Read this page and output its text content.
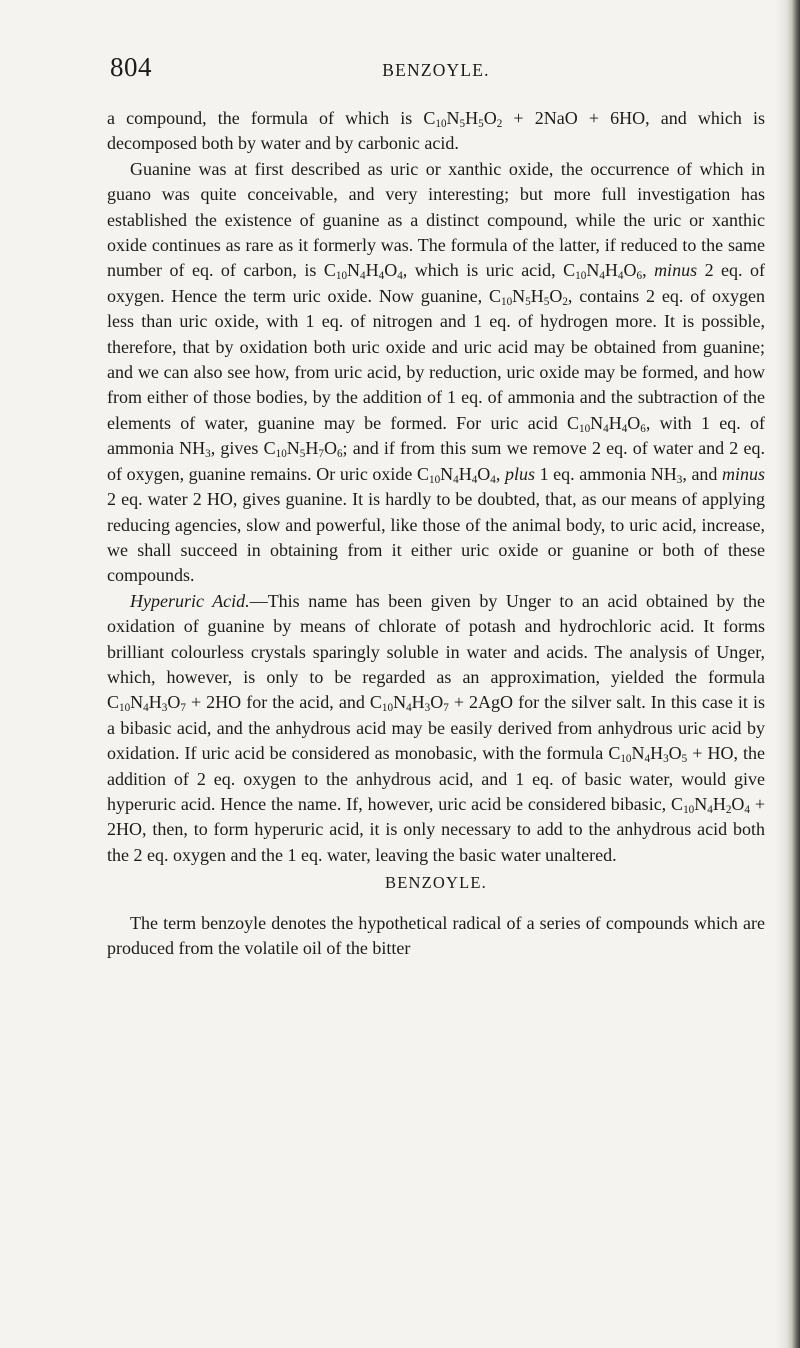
804	BENZOYLE.

a compound, the formula of which is $C_{10}N_5H_5O_2 + 2NaO + 6HO$, and which is decomposed both by water and by carbonic acid.

Guanine was at first described as uric or xanthic oxide, the occurrence of which in guano was quite conceivable, and very interesting; but more full investigation has established the existence of guanine as a distinct compound, while the uric or xanthic oxide continues as rare as it formerly was. The formula of the latter, if reduced to the same number of eq. of carbon, is $C_{10}N_4H_4O_4$, which is uric acid, $C_{10}N_4H_4O_6$, minus 2 eq. of oxygen. Hence the term uric oxide. Now guanine, $C_{10}N_5H_5O_2$, contains 2 eq. of oxygen less than uric oxide, with 1 eq. of nitrogen and 1 eq. of hydrogen more. It is possible, therefore, that by oxidation both uric oxide and uric acid may be obtained from guanine; and we can also see how, from uric acid, by reduction, uric oxide may be formed, and how from either of those bodies, by the addition of 1 eq. of ammonia and the subtraction of the elements of water, guanine may be formed. For uric acid $C_{10}N_4H_4O_6$, with 1 eq. of ammonia $NH_3$, gives $C_{10}N_5H_7O_6$; and if from this sum we remove 2 eq. of water and 2 eq. of oxygen, guanine remains. Or uric oxide $C_{10}N_4H_4O_4$, plus 1 eq. ammonia $NH_3$, and minus 2 eq. water 2 HO, gives guanine. It is hardly to be doubted, that, as our means of applying reducing agencies, slow and powerful, like those of the animal body, to uric acid, increase, we shall succeed in obtaining from it either uric oxide or guanine or both of these compounds.

Hyperuric Acid.—This name has been given by Unger to an acid obtained by the oxidation of guanine by means of chlorate of potash and hydrochloric acid. It forms brilliant colourless crystals sparingly soluble in water and acids. The analysis of Unger, which, however, is only to be regarded as an approximation, yielded the formula $C_{10}N_4H_3O_7 + 2HO$ for the acid, and $C_{10}N_4H_3O_7 + 2AgO$ for the silver salt. In this case it is a bibasic acid, and the anhydrous acid may be easily derived from anhydrous uric acid by oxidation. If uric acid be considered as monobasic, with the formula $C_{10}N_4H_3O_5$ + HO, the addition of 2 eq. oxygen to the anhydrous acid, and 1 eq. of basic water, would give hyperuric acid. Hence the name. If, however, uric acid be considered bibasic, $C_{10}N_4H_2O_4 + 2HO$, then, to form hyperuric acid, it is only necessary to add to the anhydrous acid both the 2 eq. oxygen and the 1 eq. water, leaving the basic water unaltered.

BENZOYLE.

The term benzoyle denotes the hypothetical radical of a series of compounds which are produced from the volatile oil of the bitter
